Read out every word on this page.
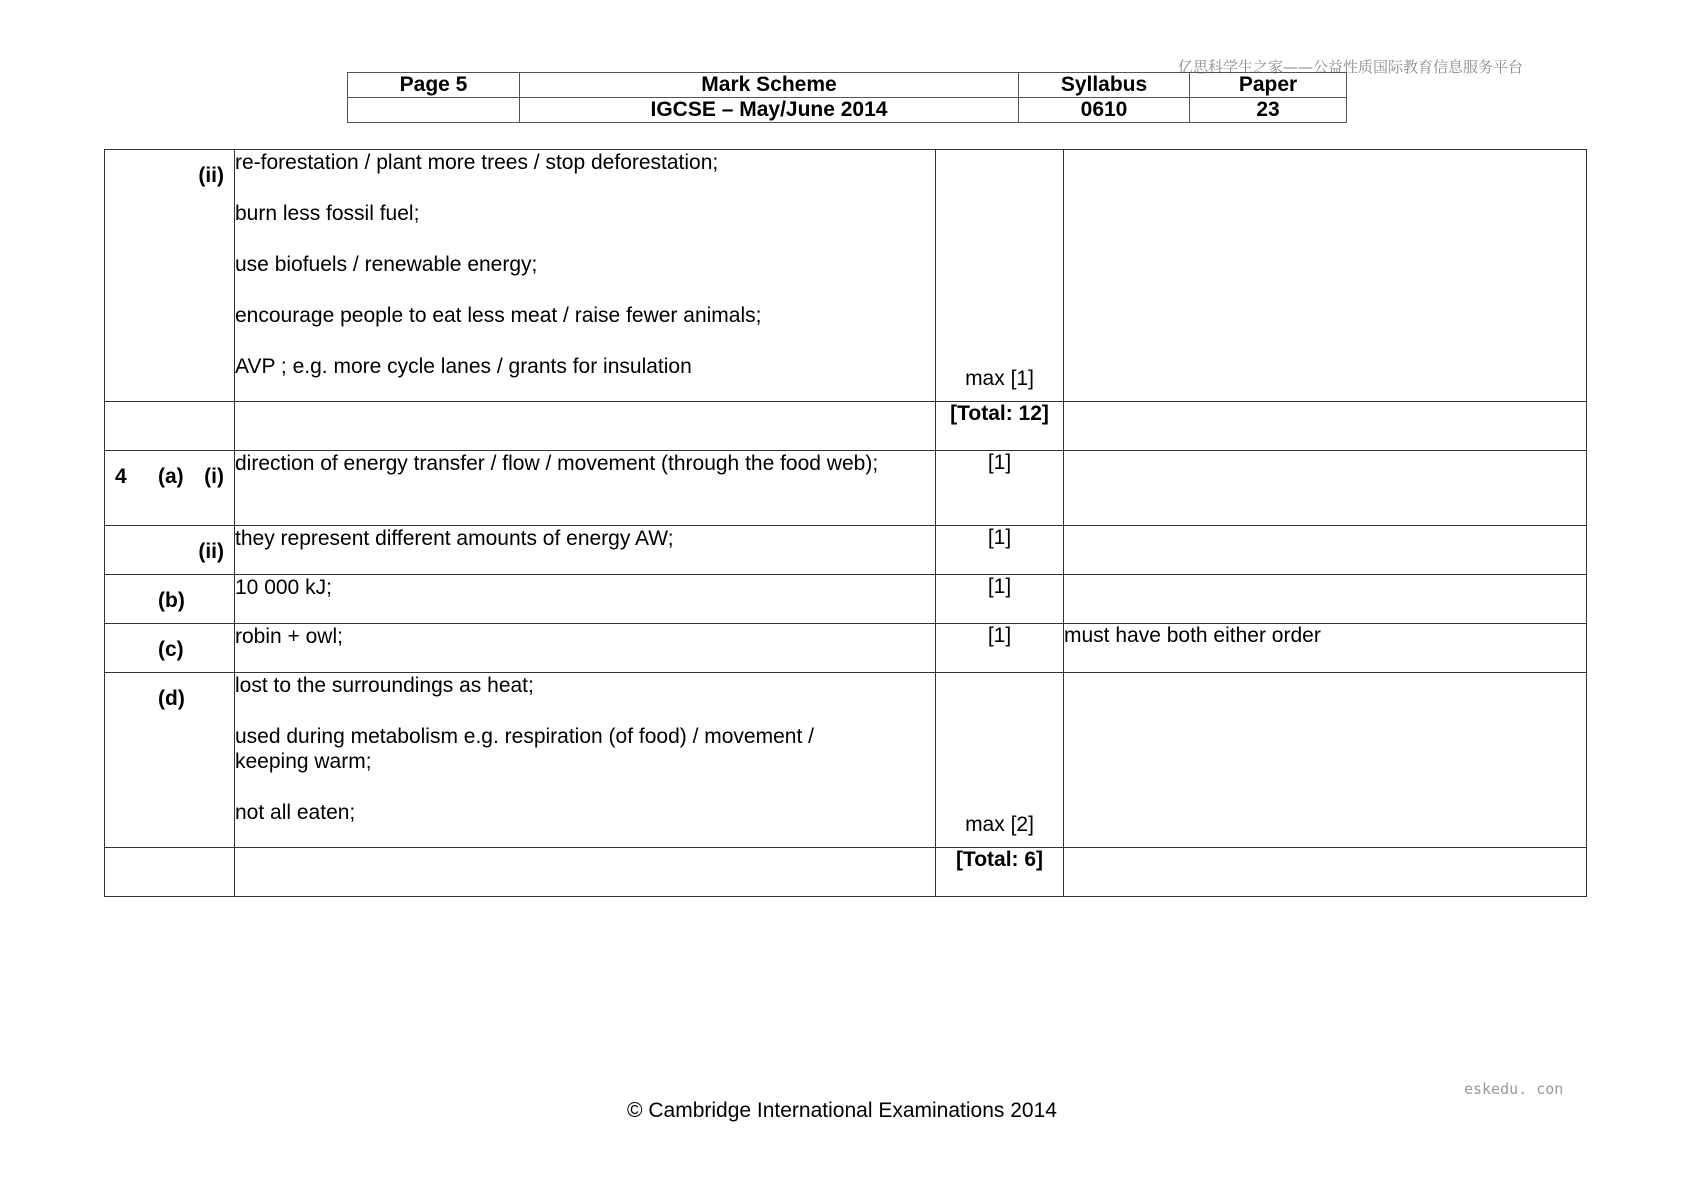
亿思科学生之家——公益性质国际教育信息服务平台
Page 5	Mark Scheme	Syllabus	Paper
	IGCSE – May/June 2014	0610	23
(ii)	re-forestation / plant more trees / stop deforestation;

burn less fossil fuel;

use biofuels / renewable energy;

encourage people to eat less meat / raise fewer animals;

AVP ; e.g. more cycle lanes / grants for insulation	max [1]	

		[Total: 12]	

4 (a) (i)	direction of energy transfer / flow / movement (through the food web);	[1]	

(ii)	they represent different amounts of energy AW;	[1]	

(b)	10 000 kJ;	[1]	

(c)	robin + owl;	[1]	must have both either order

(d)	lost to the surroundings as heat;

used during metabolism e.g. respiration (of food) / movement / keeping warm;

not all eaten;	max [2]	

		[Total: 6]	
eskedu. con
© Cambridge International Examinations 2014
